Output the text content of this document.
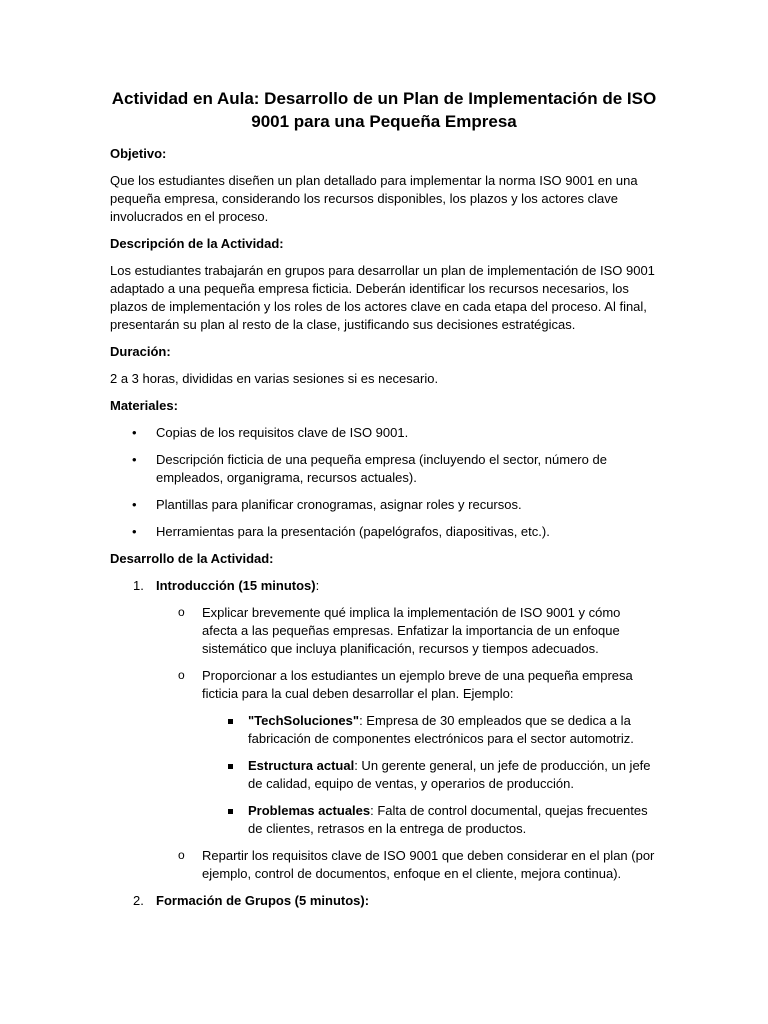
Actividad en Aula: Desarrollo de un Plan de Implementación de ISO 9001 para una Pequeña Empresa
Objetivo:

Que los estudiantes diseñen un plan detallado para implementar la norma ISO 9001 en una pequeña empresa, considerando los recursos disponibles, los plazos y los actores clave involucrados en el proceso.

Descripción de la Actividad:

Los estudiantes trabajarán en grupos para desarrollar un plan de implementación de ISO 9001 adaptado a una pequeña empresa ficticia. Deberán identificar los recursos necesarios, los plazos de implementación y los roles de los actores clave en cada etapa del proceso. Al final, presentarán su plan al resto de la clase, justificando sus decisiones estratégicas.

Duración:

2 a 3 horas, divididas en varias sesiones si es necesario.

Materiales:
• Copias de los requisitos clave de ISO 9001.
• Descripción ficticia de una pequeña empresa (incluyendo el sector, número de empleados, organigrama, recursos actuales).
• Plantillas para planificar cronogramas, asignar roles y recursos.
• Herramientas para la presentación (papelógrafos, diapositivas, etc.).
Desarrollo de la Actividad:
1. Introducción (15 minutos):
o Explicar brevemente qué implica la implementación de ISO 9001 y cómo afecta a las pequeñas empresas. Enfatizar la importancia de un enfoque sistemático que incluya planificación, recursos y tiempos adecuados.
o Proporcionar a los estudiantes un ejemplo breve de una pequeña empresa ficticia para la cual deben desarrollar el plan. Ejemplo:
"TechSoluciones": Empresa de 30 empleados que se dedica a la fabricación de componentes electrónicos para el sector automotriz.
Estructura actual: Un gerente general, un jefe de producción, un jefe de calidad, equipo de ventas, y operarios de producción.
Problemas actuales: Falta de control documental, quejas frecuentes de clientes, retrasos en la entrega de productos.
o Repartir los requisitos clave de ISO 9001 que deben considerar en el plan (por ejemplo, control de documentos, enfoque en el cliente, mejora continua).
2. Formación de Grupos (5 minutos):
